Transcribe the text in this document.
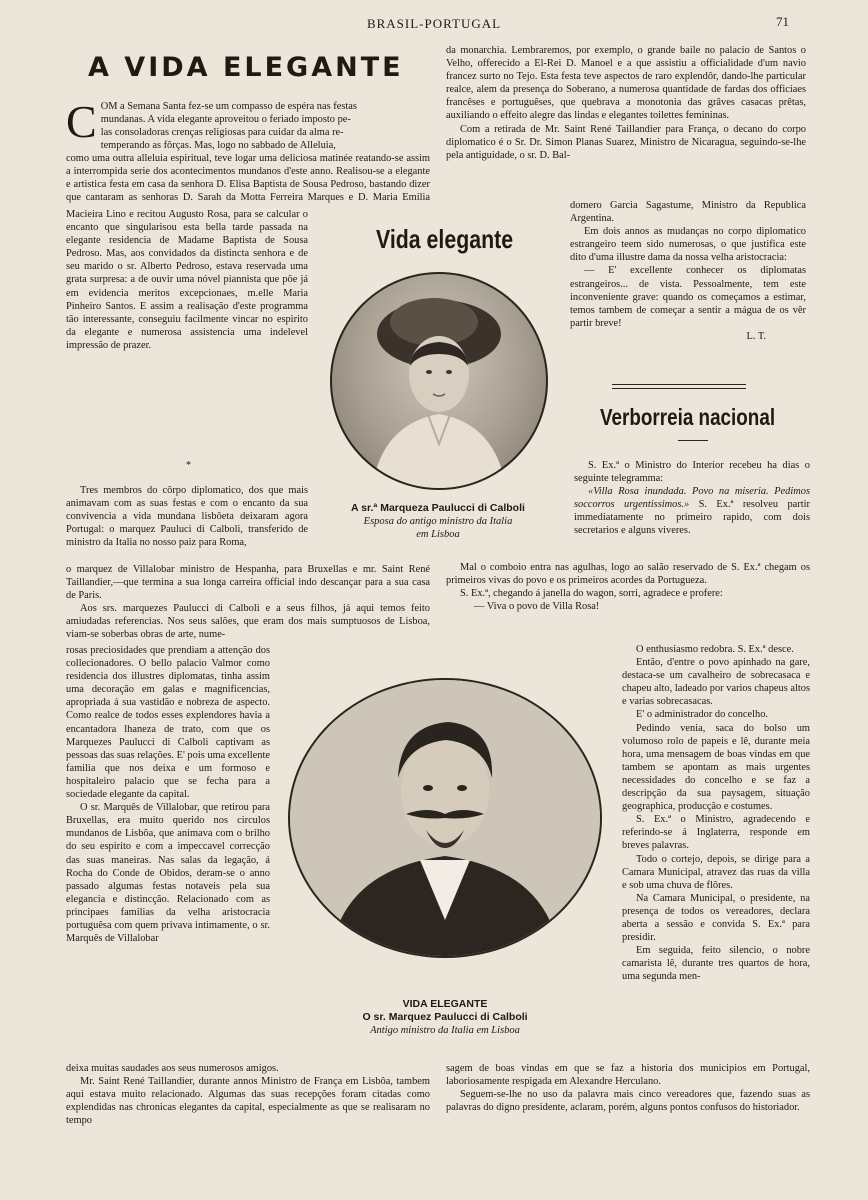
BRASIL-PORTUGAL	71
A VIDA ELEGANTE
C OM a Semana Santa fez-se um compasso de espéra nas festas
mundanas. A vida elegante aproveitou o feriado imposto pe-
las consoladoras crenças religiosas para cuidar da alma re-
temperando as fôrças. Mas, logo no sabbado de Alleluia,

como uma outra alleluia espiritual, teve logar uma deliciosa matinée reatando-se assim a interrompida serie dos acontecimentos mundanos d'este anno. Realisou-se a elegante e artistica festa em casa da senhora D. Elisa Baptista de Sousa Pedroso, bastando dizer que cantaram as senhoras D. Sarah da Motta Ferreira Marques e D. Maria Emilia

Macieira Lino e recitou Augusto Rosa, para se calcular o encanto que singularisou esta bella tarde passada na elegante residencia de Madame Baptista de Sousa Pedroso. Mas, aos convidados da distincta senhora e de seu marido o sr. Alberto Pedroso, estava reservada uma grata surpresa: a de ouvir uma nóvel piannista que põe já em evidencia meritos excepcionaes, m.elle Maria Pinheiro Santos. E assim a realisação d'este programma tão interessante, conseguiu facilmente vincar no espirito da elegante e numerosa assistencia uma indelevel impressão de prazer.

*

Tres membros do côrpo diplomatico, dos que mais animavam com as suas festas e com o encanto da sua convivencia a vida mundana lisbôeta deixaram agora Portugal: o marquez Pauluci di Calboli, transferido de ministro da Italia no nosso paiz para Roma,

o marquez de Villalobar ministro de Hespanha, para Bruxellas e mr. Saint René Taillandier,—que termina a sua longa carreira official indo descançar para a sua casa de Paris.

Aos srs. marquezes Paulucci di Calboli e a seus filhos, já aqui temos feito amiudadas referencias. Nos seus salões, que eram dos mais sumptuosos de Lisboa, viam-se soberbas obras de arte, nume-

rosas preciosidades que prendiam a attenção dos collecionadores. O bello palacio Valmor como residencia dos illustres diplomatas, tinha assim uma decoração em galas e magnificencias, apropriada á sua vastidão e nobreza de aspecto. Como realce de todos esses explendores havia a encantadora lhaneza de trato, com que os Marquezes Paulucci di Calboli captivam as pessoas das suas relações. E' pois uma excellente familia que nos deixa e um formoso e hospitaleiro palacio que se fecha para a sociedade elegante da capital.

O sr. Marquês de Villalobar, que retirou para Bruxellas, era muito querido nos circulos mundanos de Lisbôa, que animava com o brilho do seu espirito e com a impeccavel correcção das suas maneiras. Nas salas da legação, á Rocha do Conde de Obidos, deram-se o anno passado algumas festas notaveis pela sua elegancia e distincção. Relacionado com as principaes familias da velha aristocracia portuguêsa com quem privava intimamente, o sr. Marquês de Villalobar

deixa muitas saudades aos seus numerosos amigos.

Mr. Saint René Taillandier, durante annos Ministro de França em Lisbôa, tambem aqui estava muito relacionado. Algumas das suas recepções foram citadas como explendidas nas chronicas elegantes da capital, especialmente as que se realisaram no tempo

da monarchia. Lembraremos, por exemplo, o grande baile no palacio de Santos o Velho, offerecido a El-Rei D. Manoel e a que assistiu a officialidade d'um navio francez surto no Tejo. Esta festa teve aspectos de raro explendôr, dando-lhe particular realce, alem da presença do Soberano, a numerosa quantidade de fardas dos officiaes francêses e portuguêses, que quebrava a monotonia das grâves casacas prêtas, auxiliando o effeito alegre das lindas e elegantes toilettes femininas.

Com a retirada de Mr. Saint René Taillandier para França, o decano do corpo diplomatico é o Sr. Dr. Simon Planas Suarez, Ministro de Nicaragua, seguindo-se-lhe pela antiguidade, o sr. D. Bal-

domero Garcia Sagastume, Ministro da Republica Argentina.

Em dois annos as mudanças no corpo diplomatico estrangeiro teem sido numerosas, o que justifica este dito d'uma illustre dama da nossa velha aristocracia:

— E' excellente conhecer os diplomatas estrangeiros... de vista. Pessoalmente, tem este inconveniente grave: quando os começamos a estimar, temos tambem de começar a sentir a mágua de os vêr partir breve!

L. T.
Vida elegante
A sr.ª Marqueza Paulucci di Calboli
Esposa do antigo ministro da Italia
em Lisboa
Verborreia nacional

S. Ex.ª o Ministro do Interior recebeu ha dias o seguinte telegramma:

«Villa Rosa inundada. Povo na miseria. Pedimos soccorros urgentissimos.» S. Ex.ª resolveu partir immediatamente no primeiro rapido, com dois secretarios e alguns viveres.

Mal o comboio entra nas agulhas, logo ao salão reservado de S. Ex.ª chegam os primeiros vivas do povo e os primeiros acordes da Portugueza.

S. Ex.ª, chegando á janella do wagon, sorri, agradece e profere:

— Viva o povo de Villa Rosa!

O enthusiasmo redobra. S. Ex.ª desce.

Então, d'entre o povo apinhado na gare, destaca-se um cavalheiro de sobrecasaca e chapeu alto, ladeado por varios chapeus altos e varias sobrecasacas.

E' o administrador do concelho.

Pedindo venia, saca do bolso um volumoso rolo de papeis e lê, durante meia hora, uma mensagem de boas vindas em que tambem se apontam as mais urgentes necessidades do concelho e se faz a descripção da sua paysagem, situação geographica, producção e costumes.

S. Ex.ª o Ministro, agradecendo e referindo-se á Inglaterra, responde em breves palavras.

Todo o cortejo, depois, se dirige para a Camara Municipal, atravez das ruas da villa e sob uma chuva de flôres.

Na Camara Municipal, o presidente, na presença de todos os vereadores, declara aberta a sessão e convida S. Ex.ª para presidir.

Em seguida, feito silencio, o nobre camarista lê, durante tres quartos de hora, uma segunda men-

sagem de boas vindas em que se faz a historia dos municipios em Portugal, laboriosamente respigada em Alexandre Herculano.

Seguem-se-lhe no uso da palavra mais cinco vereadores que, fazendo suas as palavras do digno presidente, aclaram, porém, alguns pontos confusos do historiador.

VIDA ELEGANTE
O sr. Marquez Paulucci di Calboli
Antigo ministro da Italia em Lisboa
